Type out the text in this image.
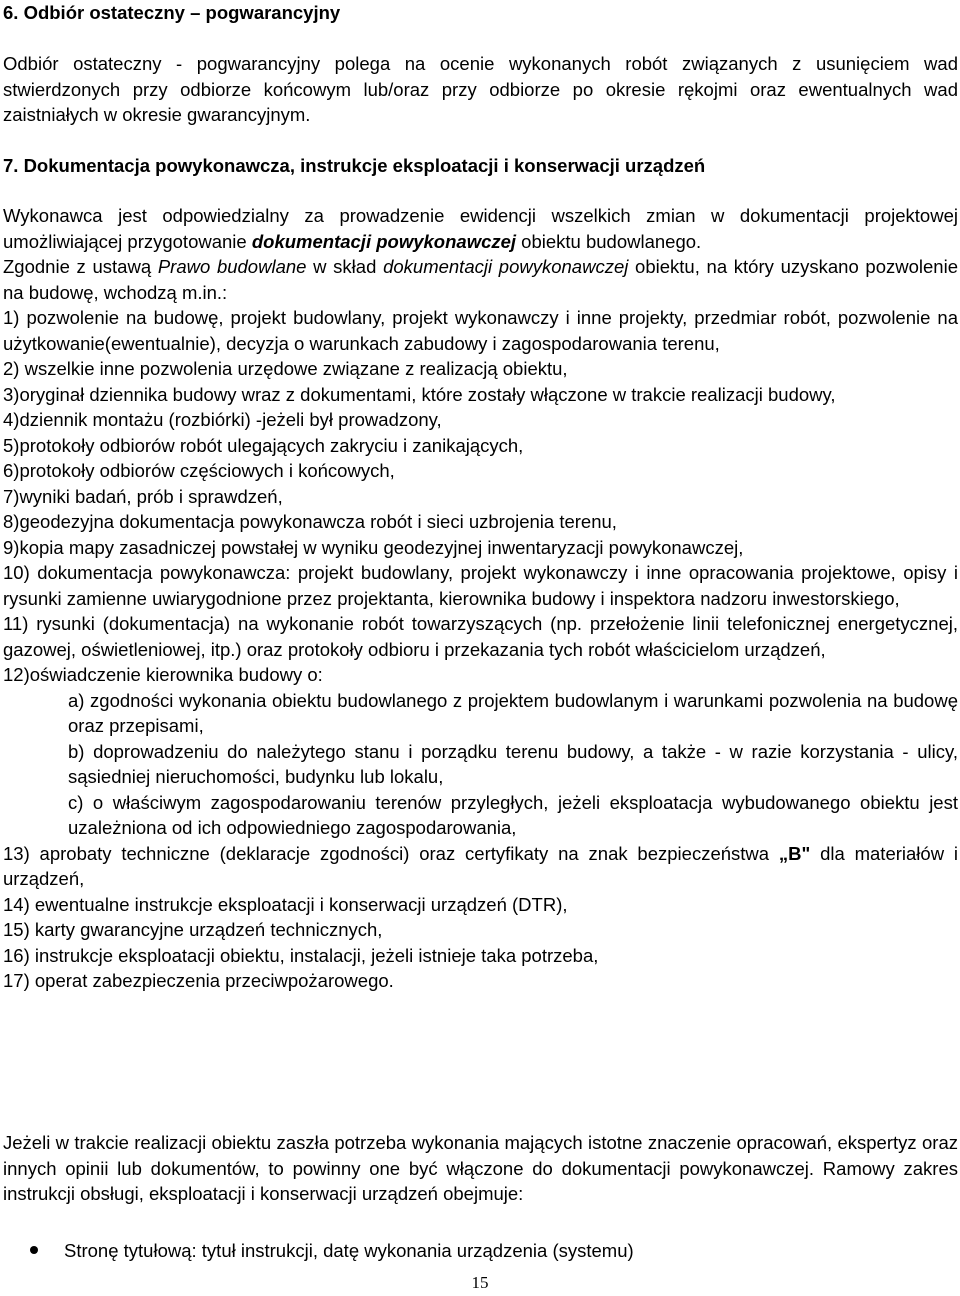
6. Odbiór ostateczny – pogwarancyjny
Odbiór ostateczny - pogwarancyjny polega na ocenie wykonanych robót związanych z usunięciem wad stwierdzonych przy odbiorze końcowym lub/oraz przy odbiorze po okresie rękojmi oraz ewentualnych wad zaistniałych w okresie gwarancyjnym.
7. Dokumentacja powykonawcza, instrukcje eksploatacji i konserwacji urządzeń
Wykonawca jest odpowiedzialny za prowadzenie ewidencji wszelkich zmian w dokumentacji projektowej umożliwiającej przygotowanie dokumentacji powykonawczej obiektu budowlanego.
Zgodnie z ustawą Prawo budowlane w skład dokumentacji powykonawczej obiektu, na który uzyskano pozwolenie na budowę, wchodzą m.in.:
1) pozwolenie na budowę, projekt budowlany, projekt wykonawczy i inne projekty, przedmiar robót, pozwolenie na użytkowanie(ewentualnie), decyzja o warunkach zabudowy i zagospodarowania terenu,
2) wszelkie inne pozwolenia urzędowe związane z realizacją obiektu,
3)oryginał dziennika budowy wraz z dokumentami, które zostały włączone w trakcie realizacji budowy,
4)dziennik montażu (rozbiórki) -jeżeli był prowadzony,
5)protokoły odbiorów robót ulegających zakryciu i zanikających,
6)protokoły odbiorów częściowych i końcowych,
7)wyniki badań, prób i sprawdzeń,
8)geodezyjna dokumentacja powykonawcza robót i sieci uzbrojenia terenu,
9)kopia mapy zasadniczej powstałej w wyniku geodezyjnej inwentaryzacji powykonawczej,
10) dokumentacja powykonawcza: projekt budowlany, projekt wykonawczy i inne opracowania projektowe, opisy i rysunki zamienne uwiarygodnione przez projektanta, kierownika budowy i inspektora nadzoru inwestorskiego,
11) rysunki (dokumentacja) na wykonanie robót towarzyszących (np. przełożenie linii telefonicznej energetycznej, gazowej, oświetleniowej, itp.) oraz protokoły odbioru i przekazania tych robót właścicielom urządzeń,
12)oświadczenie kierownika budowy o:
a) zgodności wykonania obiektu budowlanego z projektem budowlanym i warunkami pozwolenia na budowę oraz przepisami,
b) doprowadzeniu do należytego stanu i porządku terenu budowy, a także - w razie korzystania - ulicy, sąsiedniej nieruchomości, budynku lub lokalu,
c) o właściwym zagospodarowaniu terenów przyległych, jeżeli eksploatacja wybudowanego obiektu jest uzależniona od ich odpowiedniego zagospodarowania,
13) aprobaty techniczne (deklaracje zgodności) oraz certyfikaty na znak bezpieczeństwa „B" dla materiałów i urządzeń,
14) ewentualne instrukcje eksploatacji i konserwacji urządzeń (DTR),
15) karty gwarancyjne urządzeń technicznych,
16) instrukcje eksploatacji obiektu, instalacji, jeżeli istnieje taka potrzeba,
17) operat zabezpieczenia przeciwpożarowego.
Jeżeli w trakcie realizacji obiektu zaszła potrzeba wykonania mających istotne znaczenie opracowań, ekspertyz oraz innych opinii lub dokumentów, to powinny one być włączone do dokumentacji powykonawczej. Ramowy zakres instrukcji obsługi, eksploatacji i konserwacji urządzeń obejmuje:
Stronę tytułową: tytuł instrukcji, datę wykonania urządzenia (systemu)
15
